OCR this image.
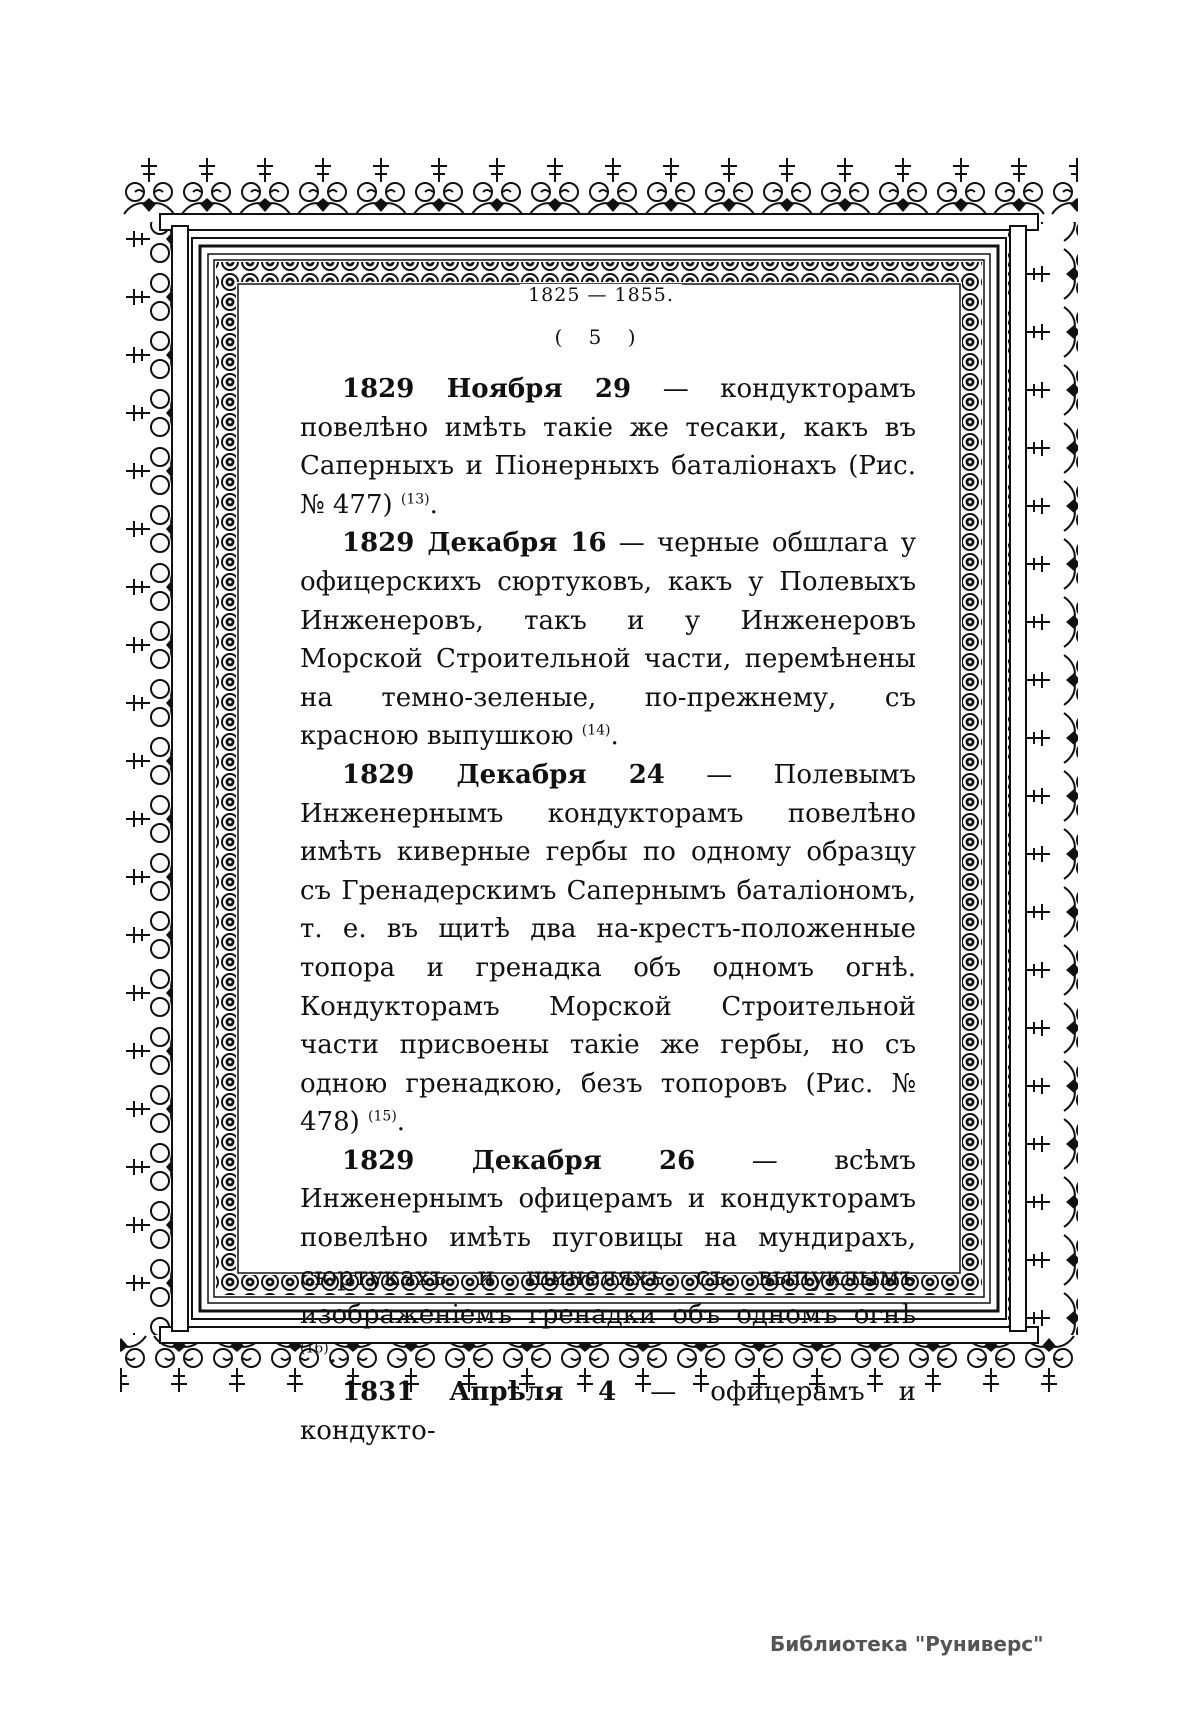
1825 — 1855.
( 5 )

1829 Ноября 29 — кондукторамъ повелѣно имѣть такіе же тесаки, какъ въ Саперныхъ и Піонерныхъ баталіонахъ (Рис. № 477) $^{(13)}$.

1829 Декабря 16 — черные обшлага у офицерскихъ сюртуковъ, какъ у Полевыхъ Инженеровъ, такъ и у Инженеровъ Морской Строительной части, перемѣнены на темно-зеленые, по-прежнему, съ красною выпушкою $^{(14)}$.

1829 Декабря 24 — Полевымъ Инженернымъ кондукторамъ повелѣно имѣть киверные гербы по одному образцу съ Гренадерскимъ Сапернымъ баталіономъ, т. е. въ щитѣ два на-крестъ-положенные топора и гренадка объ одномъ огнѣ. Кондукторамъ Морской Строительной части присвоены такіе же гербы, но съ одною гренадкою, безъ топоровъ (Рис. № 478) $^{(15)}$.

1829 Декабря 26 — всѣмъ Инженернымъ офицерамъ и кондукторамъ повелѣно имѣть пуговицы на мундирахъ, сюртукахъ и шинеляхъ съ выпуклымъ изображеніемъ гренадки объ одномъ огнѣ $^{(16)}$.

1831 Апрѣля 4 — офицерамъ и кондукто-

Библиотека "Руниверс"
